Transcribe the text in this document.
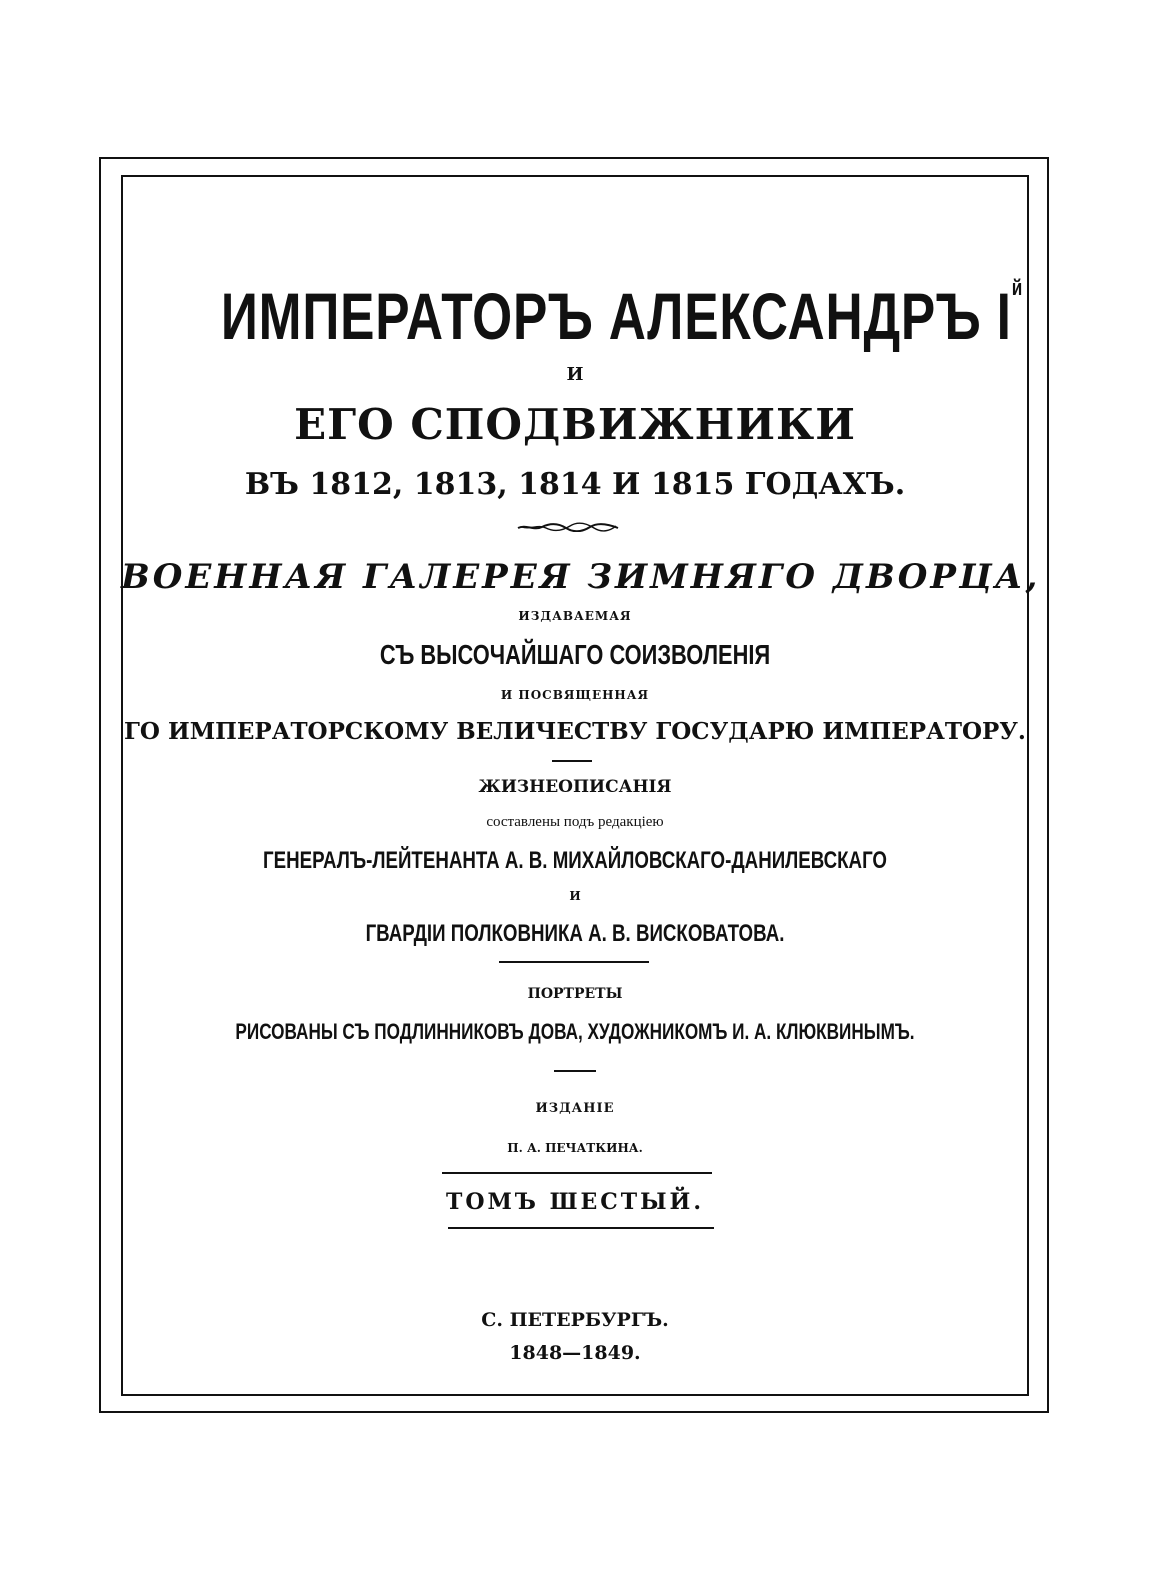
ИМПЕРАТОРЪ АЛЕКСАНДРЪ $I^й$
И
ЕГО СПОДВИЖНИКИ
ВЪ 1812, 1813, 1814 И 1815 ГОДАХЪ.
ВОЕННАЯ ГАЛЕРЕЯ ЗИМНЯГО ДВОРЦА,
ИЗДАВАЕМАЯ
СЪ ВЫСОЧАЙШАГО СОИЗВОЛЕНІЯ
И ПОСВЯЩЕННАЯ
ГО ИМПЕРАТОРСКОМУ ВЕЛИЧЕСТВУ ГОСУДАРЮ ИМПЕРАТОРУ.
ЖИЗНЕОПИСАНІЯ
составлены подъ редакціею
ГЕНЕРАЛЪ-ЛЕЙТЕНАНТА А. В. МИХАЙЛОВСКАГО-ДАНИЛЕВСКАГО
И
ГВАРДІИ ПОЛКОВНИКА А. В. ВИСКОВАТОВА.
ПОРТРЕТЫ
РИСОВАНЫ СЪ ПОДЛИННИКОВЪ ДОВА, ХУДОЖНИКОМЪ И. А. КЛЮКВИНЫМЪ.
ИЗДАНІЕ
П. А. ПЕЧАТКИНА.
ТОМЪ ШЕСТЫЙ.
С. ПЕТЕРБУРГЪ.
1848—1849.
